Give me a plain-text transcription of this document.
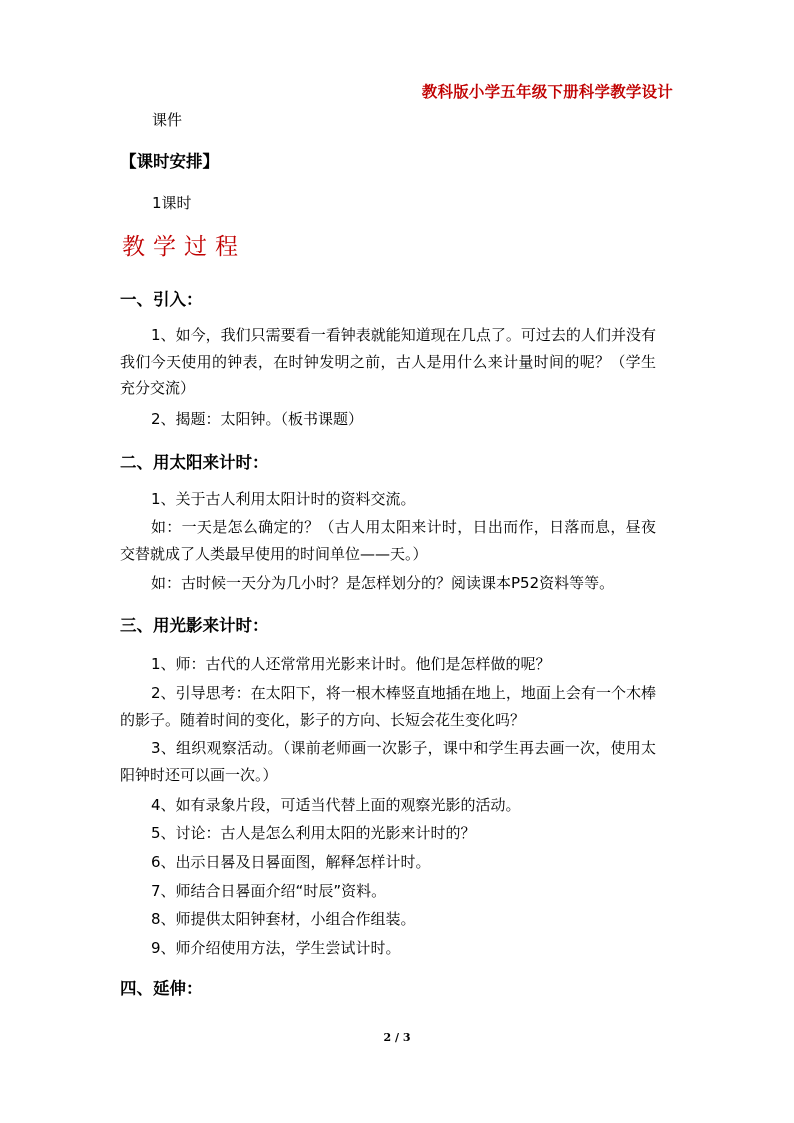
教科版小学五年级下册科学教学设计
课件
【课时安排】
1课时
教学过程
一、引入：
1、如今，我们只需要看一看钟表就能知道现在几点了。可过去的人们并没有我们今天使用的钟表，在时钟发明之前，古人是用什么来计量时间的呢？（学生充分交流）
2、揭题：太阳钟。（板书课题）
二、用太阳来计时：
1、关于古人利用太阳计时的资料交流。
如：一天是怎么确定的？（古人用太阳来计时，日出而作，日落而息，昼夜交替就成了人类最早使用的时间单位——天。）
如：古时候一天分为几小时？是怎样划分的？阅读课本P52资料等等。
三、用光影来计时：
1、师：古代的人还常常用光影来计时。他们是怎样做的呢？
2、引导思考：在太阳下，将一根木棒竖直地插在地上，地面上会有一个木棒的影子。随着时间的变化，影子的方向、长短会花生变化吗？
3、组织观察活动。（课前老师画一次影子，课中和学生再去画一次，使用太阳钟时还可以画一次。）
4、如有录象片段，可适当代替上面的观察光影的活动。
5、讨论：古人是怎么利用太阳的光影来计时的？
6、出示日晷及日晷面图，解释怎样计时。
7、师结合日晷面介绍“时辰”资料。
8、师提供太阳钟套材，小组合作组装。
9、师介绍使用方法，学生尝试计时。
四、延伸：
2 / 3
